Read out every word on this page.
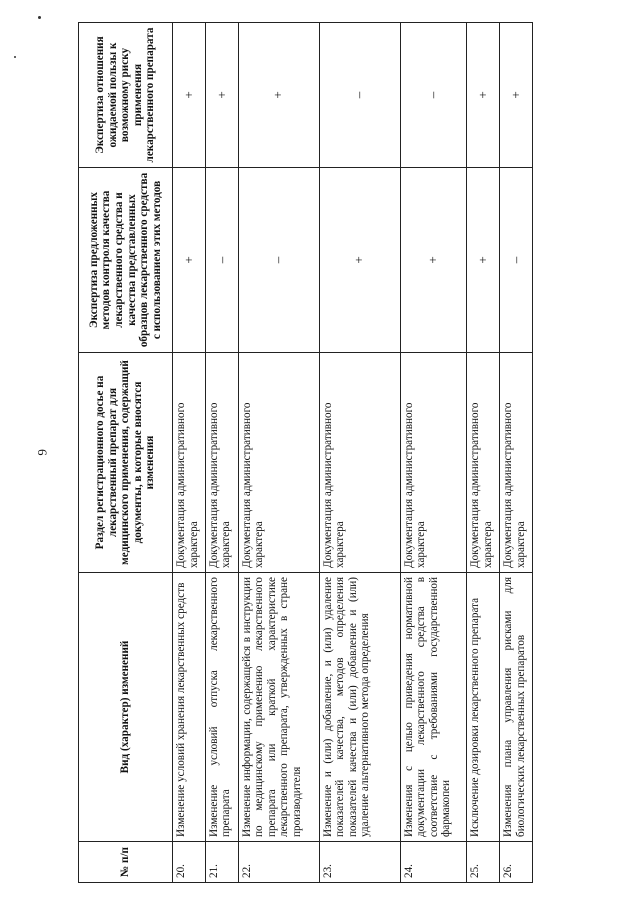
6
№ п/п	Вид (характер) изменений	Раздел регистрационного досье на лекарственный препарат для медицинского применения, содержащий документы, в которые вносятся изменения	Экспертиза предложенных методов контроля качества лекарственного средства и качества представленных образцов лекарственного средства с использованием этих методов	Экспертиза отношения ожидаемой пользы к возможному риску применения лекарственного препарата
20.	Изменение условий хранения лекарственных средств	Документация административного характера	+	+
21.	Изменение условий отпуска лекарственного препарата	Документация административного характера	–	+
22.	Изменение информации, содержащейся в инструкции по медицинскому применению лекарственного препарата или краткой характеристике лекарственного препарата, утвержденных в стране производителя	Документация административного характера	–	+
23.	Изменение и (или) добавление, и (или) удаление показателей качества, методов определения показателей качества и (или) добавление и (или) удаление альтернативного метода определения	Документация административного характера	+	–
24.	Изменения с целью приведения нормативной документации лекарственного средства в соответствие с требованиями государственной фармакопеи	Документация административного характера	+	–
25.	Исключение дозировки лекарственного препарата	Документация административного характера	+	+
26.	Изменения плана управления рисками для биологических лекарственных препаратов	Документация административного характера	–	+
